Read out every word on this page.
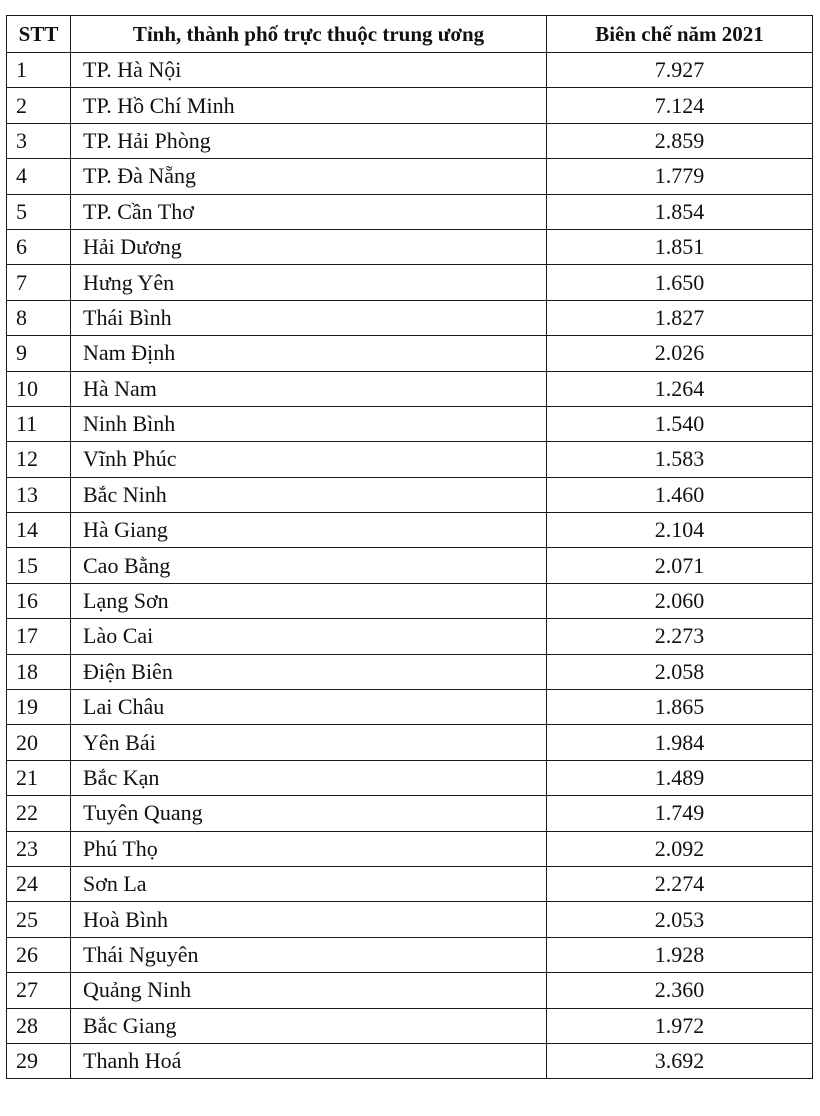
STT	Tỉnh, thành phố trực thuộc trung ương	Biên chế năm 2021
1	TP. Hà Nội	7.927
2	TP. Hồ Chí Minh	7.124
3	TP. Hải Phòng	2.859
4	TP. Đà Nẵng	1.779
5	TP. Cần Thơ	1.854
6	Hải Dương	1.851
7	Hưng Yên	1.650
8	Thái Bình	1.827
9	Nam Định	2.026
10	Hà Nam	1.264
11	Ninh Bình	1.540
12	Vĩnh Phúc	1.583
13	Bắc Ninh	1.460
14	Hà Giang	2.104
15	Cao Bằng	2.071
16	Lạng Sơn	2.060
17	Lào Cai	2.273
18	Điện Biên	2.058
19	Lai Châu	1.865
20	Yên Bái	1.984
21	Bắc Kạn	1.489
22	Tuyên Quang	1.749
23	Phú Thọ	2.092
24	Sơn La	2.274
25	Hoà Bình	2.053
26	Thái Nguyên	1.928
27	Quảng Ninh	2.360
28	Bắc Giang	1.972
29	Thanh Hoá	3.692
